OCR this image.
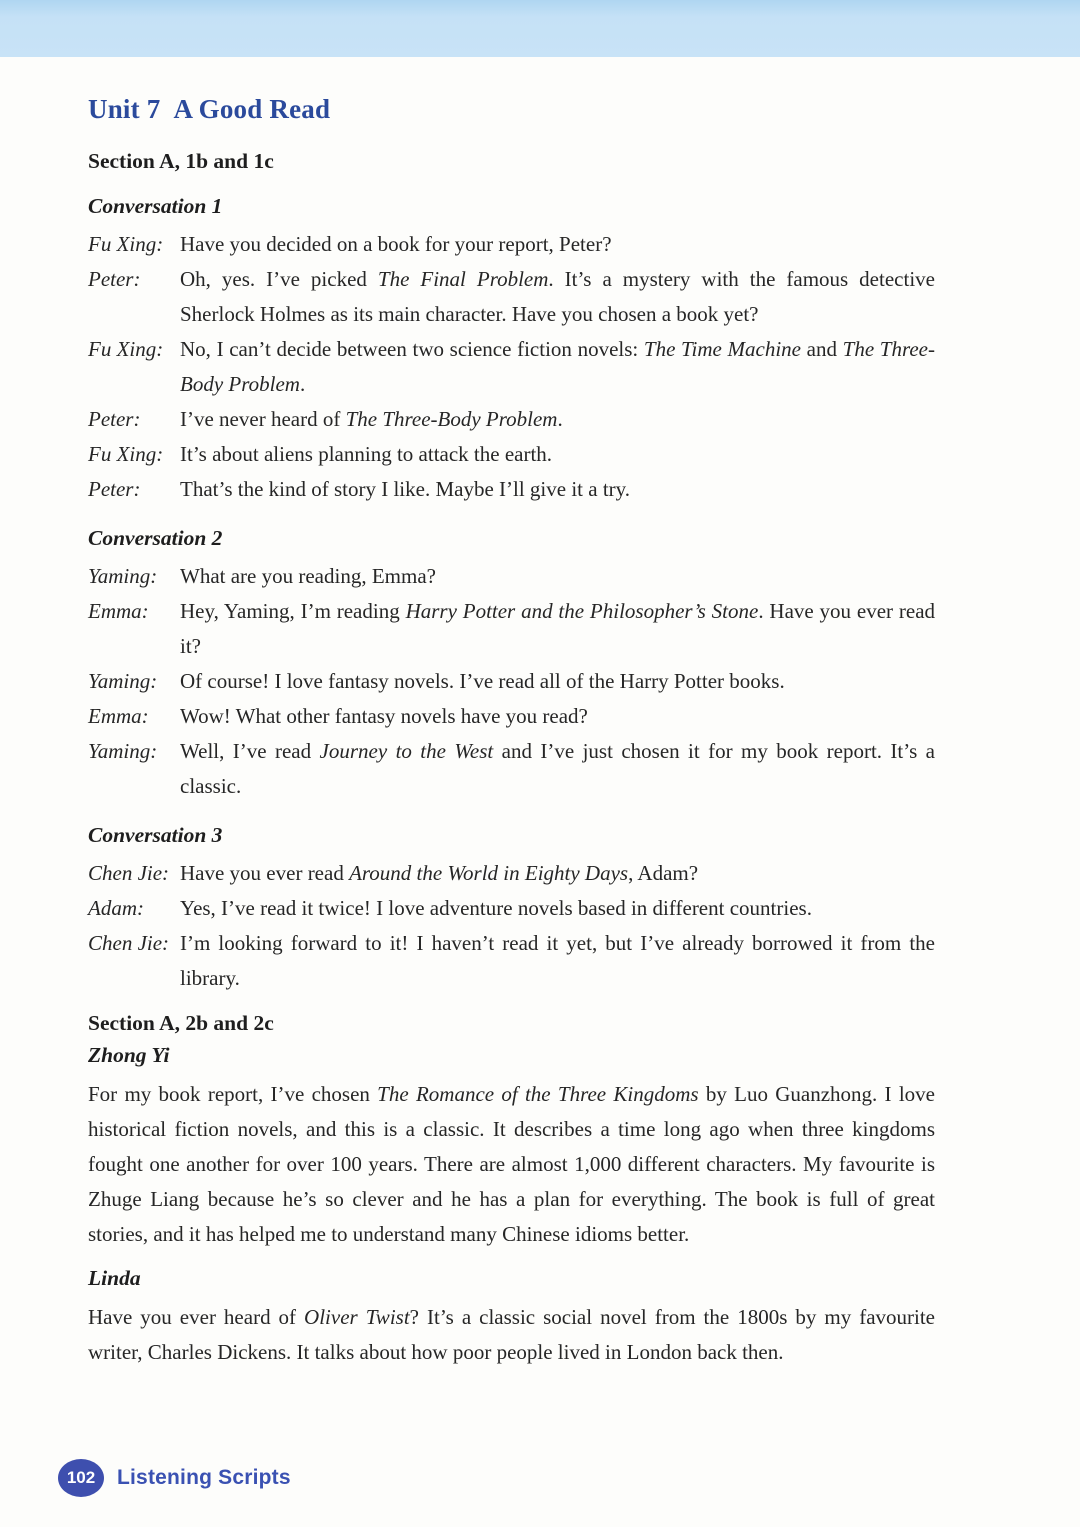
Unit 7 A Good Read
Section A, 1b and 1c
Conversation 1
Fu Xing: Have you decided on a book for your report, Peter?
Peter:	Oh, yes. I’ve picked The Final Problem. It’s a mystery with the famous detective Sherlock Holmes as its main character. Have you chosen a book yet?
Fu Xing: No, I can’t decide between two science fiction novels: The Time Machine and The Three-Body Problem.
Peter:	I’ve never heard of The Three-Body Problem.
Fu Xing: It’s about aliens planning to attack the earth.
Peter:	That’s the kind of story I like. Maybe I’ll give it a try.
Conversation 2
Yaming:	What are you reading, Emma?
Emma:	Hey, Yaming, I’m reading Harry Potter and the Philosopher’s Stone. Have you ever read it?
Yaming:	Of course! I love fantasy novels. I’ve read all of the Harry Potter books.
Emma:	Wow! What other fantasy novels have you read?
Yaming:	Well, I’ve read Journey to the West and I’ve just chosen it for my book report. It’s a classic.
Conversation 3
Chen Jie: Have you ever read Around the World in Eighty Days, Adam?
Adam:	Yes, I’ve read it twice! I love adventure novels based in different countries.
Chen Jie: I’m looking forward to it! I haven’t read it yet, but I’ve already borrowed it from the library.
Section A, 2b and 2c
Zhong Yi

For my book report, I’ve chosen The Romance of the Three Kingdoms by Luo Guanzhong. I love historical fiction novels, and this is a classic. It describes a time long ago when three kingdoms fought one another for over 100 years. There are almost 1,000 different characters. My favourite is Zhuge Liang because he’s so clever and he has a plan for everything. The book is full of great stories, and it has helped me to understand many Chinese idioms better.

Linda

Have you ever heard of Oliver Twist? It’s a classic social novel from the 1800s by my favourite writer, Charles Dickens. It talks about how poor people lived in London back then.

102	Listening Scripts
